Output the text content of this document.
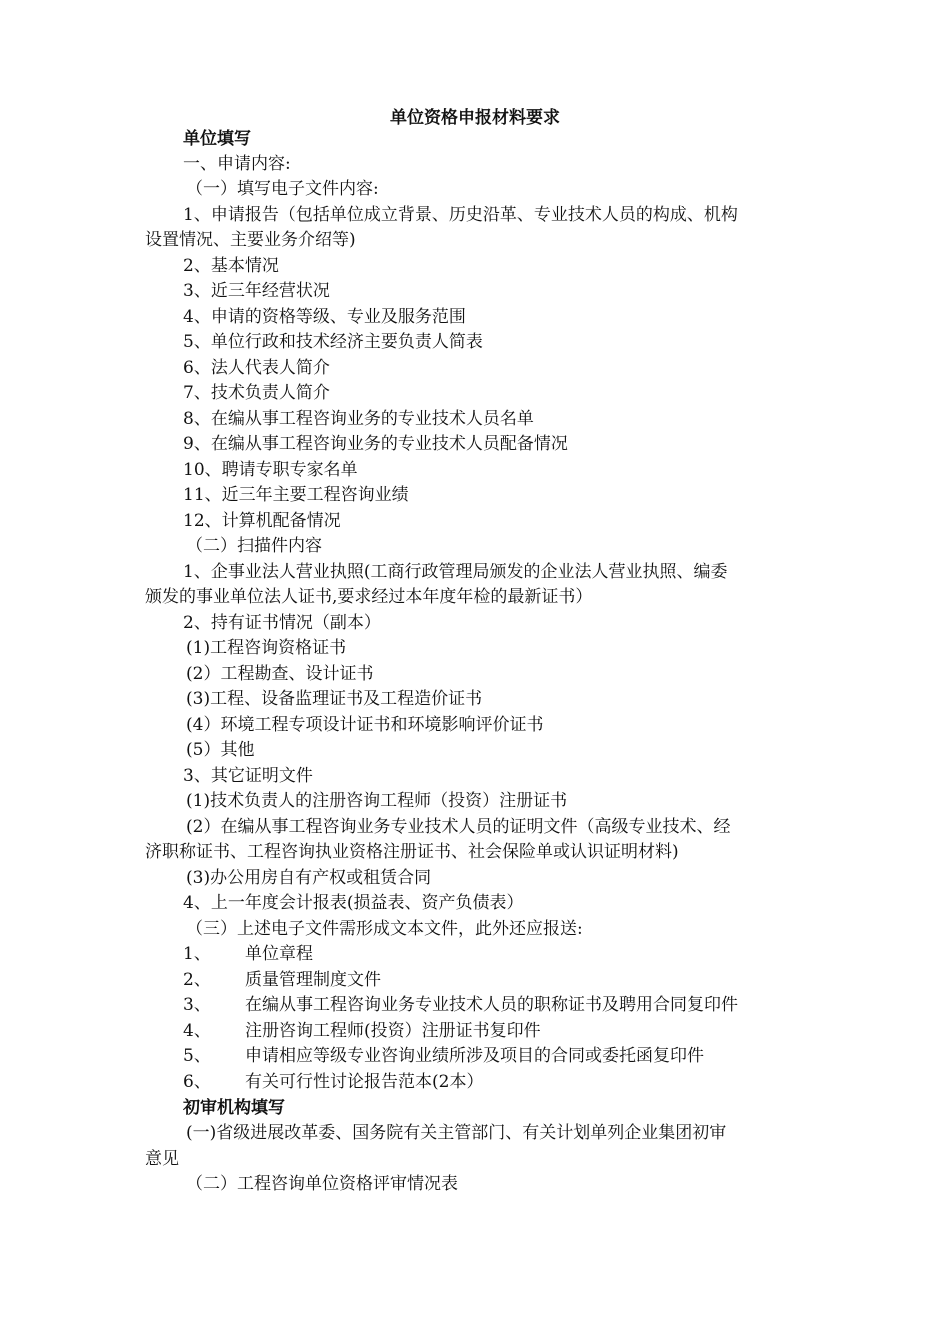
单位资格申报材料要求
单位填写
一、申请内容:
（一）填写电子文件内容:
1、申请报告（包括单位成立背景、历史沿革、专业技术人员的构成、机构
设置情况、主要业务介绍等)
2、基本情况
3、近三年经营状况
4、申请的资格等级、专业及服务范围
5、单位行政和技术经济主要负责人简表
6、法人代表人简介
7、技术负责人简介
8、在编从事工程咨询业务的专业技术人员名单
9、在编从事工程咨询业务的专业技术人员配备情况
10、聘请专职专家名单
11、近三年主要工程咨询业绩
12、计算机配备情况
（二）扫描件内容
1、企事业法人营业执照(工商行政管理局颁发的企业法人营业执照、编委
颁发的事业单位法人证书,要求经过本年度年检的最新证书）
2、持有证书情况（副本）
(1)工程咨询资格证书
(2）工程勘查、设计证书
(3)工程、设备监理证书及工程造价证书
(4）环境工程专项设计证书和环境影响评价证书
(5）其他
3、其它证明文件
(1)技术负责人的注册咨询工程师（投资）注册证书
(2）在编从事工程咨询业务专业技术人员的证明文件（高级专业技术、经
济职称证书、工程咨询执业资格注册证书、社会保险单或认识证明材料)
(3)办公用房自有产权或租赁合同
4、上一年度会计报表(损益表、资产负债表）
（三）上述电子文件需形成文本文件，此外还应报送:
1、 单位章程
2、 质量管理制度文件
3、 在编从事工程咨询业务专业技术人员的职称证书及聘用合同复印件
4、 注册咨询工程师(投资）注册证书复印件
5、 申请相应等级专业咨询业绩所涉及项目的合同或委托函复印件
6、 有关可行性讨论报告范本(2本）
初审机构填写
(一)省级进展改革委、国务院有关主管部门、有关计划单列企业集团初审
意见
（二）工程咨询单位资格评审情况表
